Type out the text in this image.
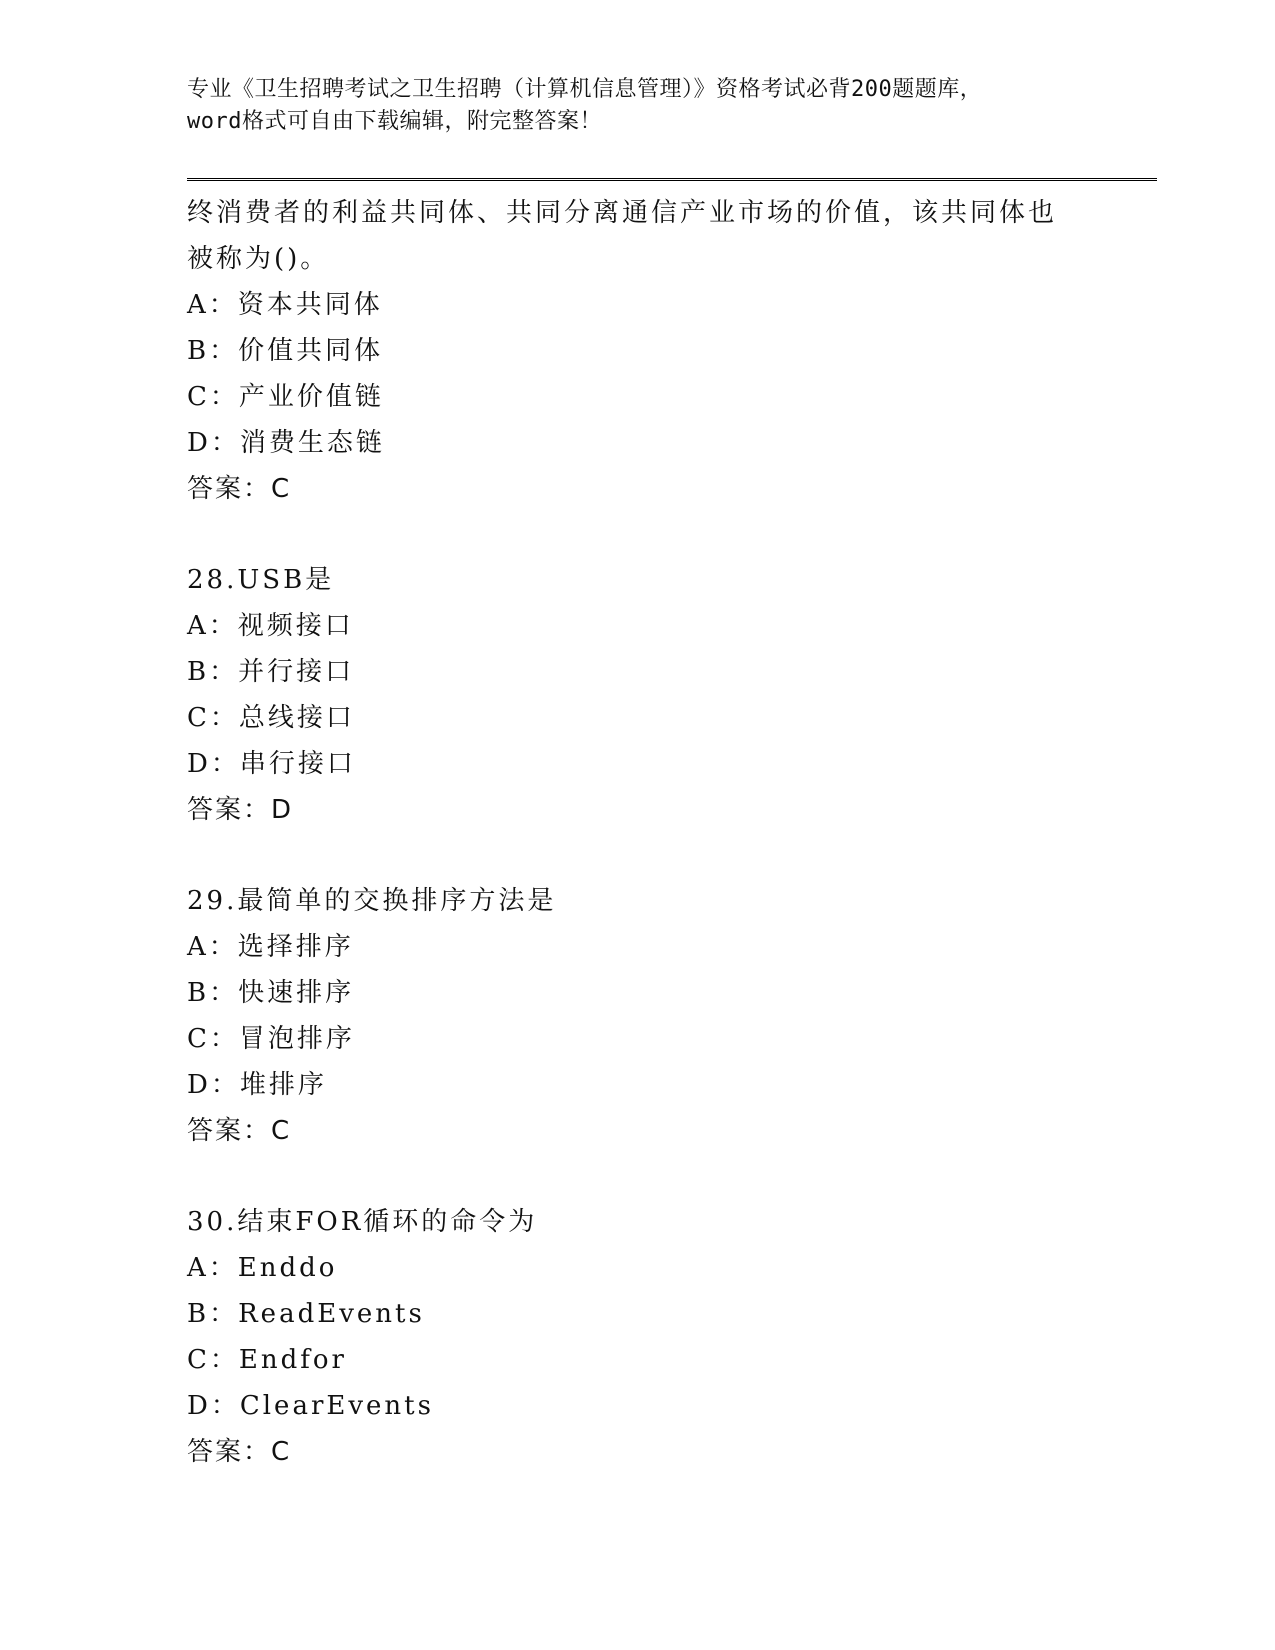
专业《卫生招聘考试之卫生招聘（计算机信息管理）》资格考试必背200题题库，
word格式可自由下载编辑，附完整答案！
终消费者的利益共同体、共同分离通信产业市场的价值，该共同体也
被称为()。
A：资本共同体
B：价值共同体
C：产业价值链
D：消费生态链
答案：C
28.USB是
A：视频接口
B：并行接口
C：总线接口
D：串行接口
答案：D
29.最简单的交换排序方法是
A：选择排序
B：快速排序
C：冒泡排序
D：堆排序
答案：C
30.结束FOR循环的命令为
A：Enddo
B：ReadEvents
C：Endfor
D：ClearEvents
答案：C
